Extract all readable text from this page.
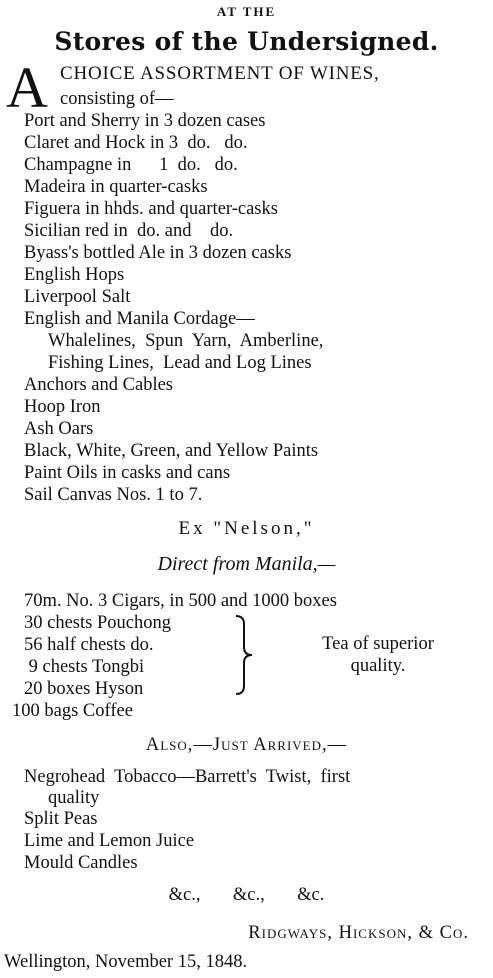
AT THE
Stores of the Undersigned.
A CHOICE ASSORTMENT OF WINES,
consisting of—
Port and Sherry in 3 dozen cases
Claret and Hock in 3  do.   do.
Champagne in      1  do.   do.
Madeira in quarter-casks
Figuera in hhds. and quarter-casks
Sicilian red in  do. and    do.
Byass's bottled Ale in 3 dozen casks
English Hops
Liverpool Salt
English and Manila Cordage—
Whalelines,  Spun  Yarn,  Amberline,
Fishing Lines,  Lead and Log Lines
Anchors and Cables
Hoop Iron
Ash Oars
Black, White, Green, and Yellow Paints
Paint Oils in casks and cans
Sail Canvas Nos. 1 to 7.
Ex "Nelson,"
Direct from Manila,—
70m. No. 3 Cigars, in 500 and 1000 boxes
30 chests Pouchong
56 half chests do.
9 chests Tongbi
20 boxes Hyson
Tea of superior
quality.
100 bags Coffee
Also,—Just Arrived,—
Negrohead  Tobacco—Barrett's  Twist,  first
quality
Split Peas
Lime and Lemon Juice
Mould Candles
&c.,       &c.,       &c.
Ridgways, Hickson, & Co.
Wellington, November 15, 1848.
